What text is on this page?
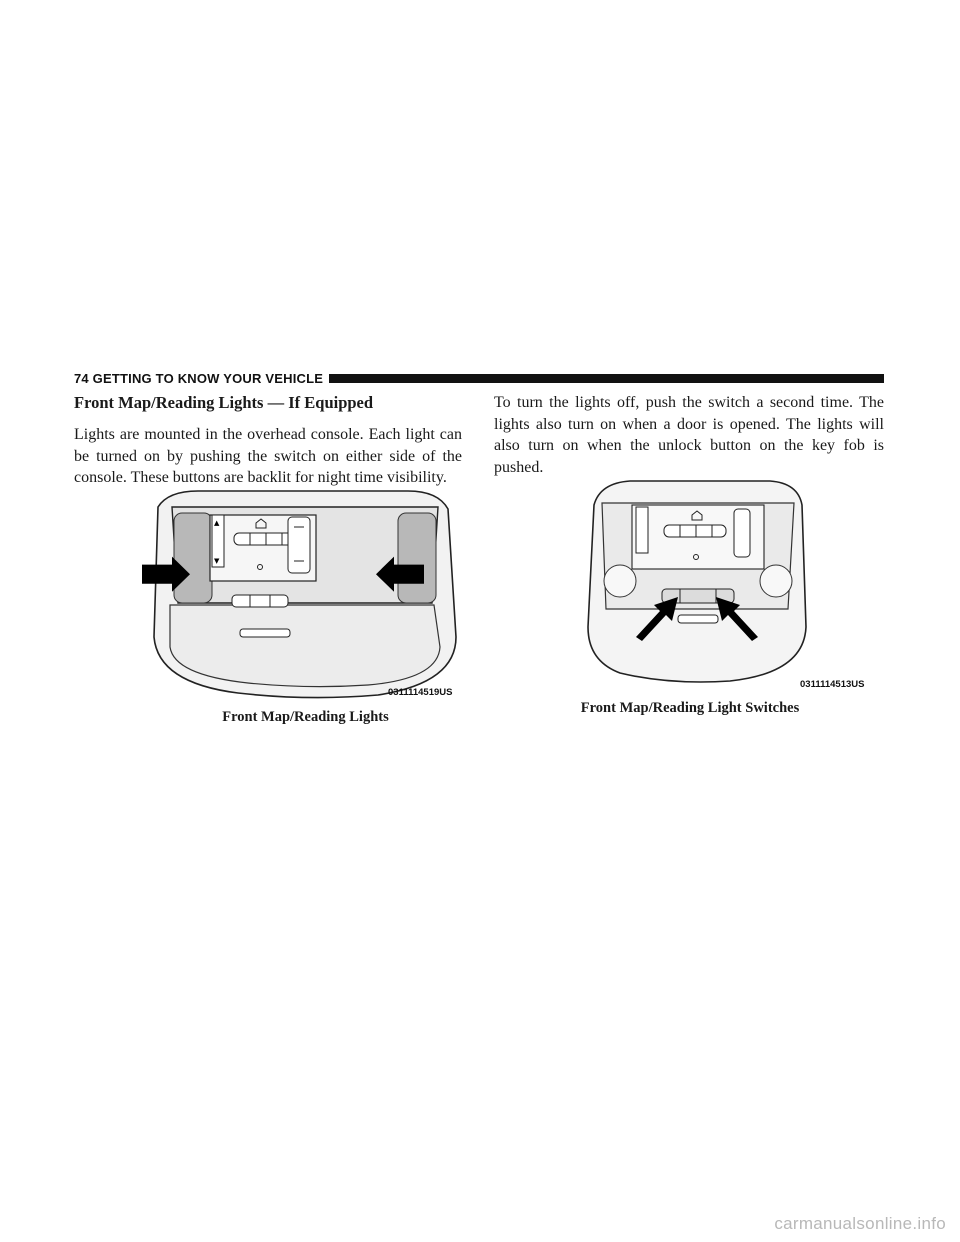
74 GETTING TO KNOW YOUR VEHICLE
Front Map/Reading Lights — If Equipped

Lights are mounted in the overhead console. Each light can be turned on by pushing the switch on either side of the console. These buttons are backlit for night time visibility.

To turn the lights off, push the switch a second time. The lights also turn on when a door is opened. The lights will also turn on when the unlock button on the key fob is pushed.

▲
▼
0311114519US
Front Map/Reading Lights
0311114513US
Front Map/Reading Light Switches
carmanualsonline.info
